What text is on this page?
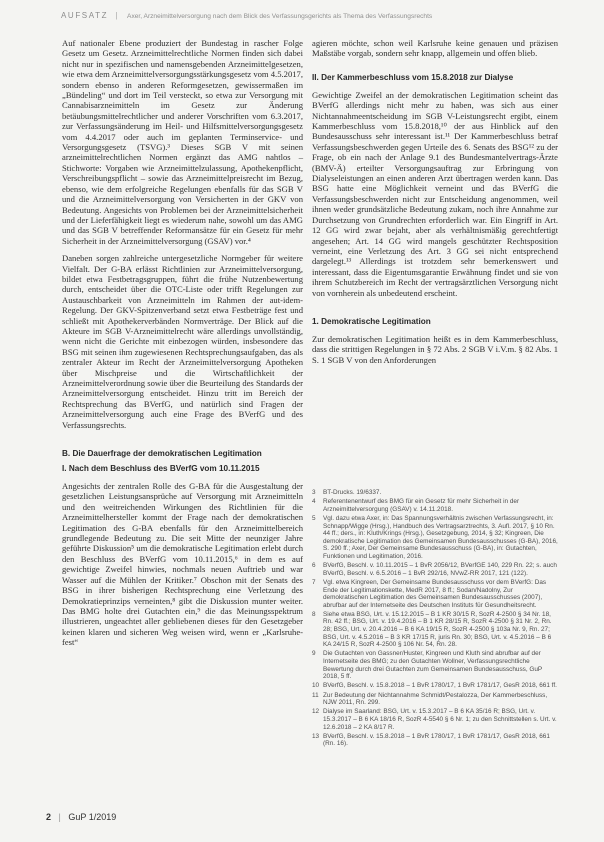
AUFSATZ | Axer, Arzneimittelversorgung nach dem Blick des Verfassungsgerichts als Thema des Verfassungsrechts

Auf nationaler Ebene produziert der Bundestag in rascher Folge Gesetz um Gesetz. Arzneimittelrechtliche Normen finden sich dabei nicht nur in spezifischen und namensgebenden Arzneimittelgesetzen, wie etwa dem Arzneimittelversorgungsstärkungsgesetz vom 4.5.2017, sondern ebenso in anderen Reformgesetzen, gewissermaßen im „Bündeling“ und dort im Teil versteckt, so etwa zur Versorgung mit Cannabisarzneimitteln im Gesetz zur Änderung betäubungsmittelrechtlicher und anderer Vorschriften vom 6.3.2017, zur Verfassungsänderung im Heil- und Hilfsmittelversorgungsgesetz vom 4.4.2017 oder auch im geplanten Terminservice- und Versorgungsgesetz (TSVG).³ Dieses SGB V mit seinen arzneimittelrechtlichen Normen ergänzt das AMG nahtlos – Stichworte: Vorgaben wie Arzneimittelzulassung, Apothekenpflicht, Verschreibungspflicht – sowie das Arzneimittelpreisrecht im Bezug, ebenso, wie dem erfolgreiche Regelungen ebenfalls für das SGB V und die Arzneimittelversorgung von Versicherten in der GKV von Bedeutung. Angesichts von Problemen bei der Arzneimittelsicherheit und der Lieferfähigkeit liegt es wiederum nahe, sowohl um das AMG und das SGB V betreffender Reformansätze für ein Gesetz für mehr Sicherheit in der Arzneimittelversorgung (GSAV) vor.⁴

Daneben sorgen zahlreiche untergesetzliche Normgeber für weitere Vielfalt. Der G-BA erlässt Richtlinien zur Arzneimittelversorgung, bildet etwa Festbetragsgruppen, führt die frühe Nutzenbewertung durch, entscheidet über die OTC-Liste oder trifft Regelungen zur Austauschbarkeit von Arzneimitteln im Rahmen der aut-idem-Regelung. Der GKV-Spitzenverband setzt etwa Festbeträge fest und schließt mit Apothekerverbänden Normverträge. Der Blick auf die Akteure im SGB V-Arzneimittelrecht wäre allerdings unvollständig, wenn nicht die Gerichte mit einbezogen würden, insbesondere das BSG mit seinen ihm zugewiesenen Rechtsprechungsaufgaben, das als zentraler Akteur im Recht der Arzneimittelversorgung Apotheken über Mischpreise und die Wirtschaftlichkeit der Arzneimittelverordnung sowie über die Beurteilung des Standards der Arzneimittelversorgung entscheidet. Hinzu tritt im Bereich der Rechtsprechung das BVerfG, und natürlich sind Fragen der Arzneimittelversorgung auch eine Frage des BVerfG und des Verfassungsrechts.

B. Die Dauerfrage der demokratischen Legitimation
I. Nach dem Beschluss des BVerfG vom 10.11.2015

Angesichts der zentralen Rolle des G-BA für die Ausgestaltung der gesetzlichen Leistungsansprüche auf Versorgung mit Arzneimitteln und den weitreichenden Wirkungen des Richtlinien für die Arzneimittelhersteller kommt der Frage nach der demokratischen Legitimation des G-BA ebenfalls für den Arzneimittelbereich grundlegende Bedeutung zu. Die seit Mitte der neunziger Jahre geführte Diskussion⁵ um die demokratische Legitimation erlebt durch den Beschluss des BVerfG vom 10.11.2015,⁶ in dem es auf gewichtige Zweifel hinwies, nochmals neuen Auftrieb und war Wasser auf die Mühlen der Kritiker.⁷ Obschon mit der Senats des BSG in ihrer bisherigen Rechtsprechung eine Verletzung des Demokratieprinzips verneinten,⁸ gibt die Diskussion munter weiter. Das BMG holte drei Gutachten ein,⁹ die das Meinungsspektrum illustrieren, ungeachtet aller gebliebenen dieses für den Gesetzgeber keinen klaren und sicheren Weg weisen wird, wenn er „Karlsruhe-fest“

agieren möchte, schon weil Karlsruhe keine genauen und präzisen Maßstäbe vorgab, sondern sehr knapp, allgemein und offen blieb.

II. Der Kammerbeschluss vom 15.8.2018 zur Dialyse

Gewichtige Zweifel an der demokratischen Legitimation scheint das BVerfG allerdings nicht mehr zu haben, was sich aus einer Nichtannahmeentscheidung im SGB V-Leistungsrecht ergibt, einem Kammerbeschluss vom 15.8.2018,¹⁰ der aus Hinblick auf den Bundesausschuss sehr interessant ist.¹¹ Der Kammerbeschluss betraf Verfassungsbeschwerden gegen Urteile des 6. Senats des BSG¹² zu der Frage, ob ein nach der Anlage 9.1 des Bundesmantelvertrags-Ärzte (BMV-Ä) erteilter Versorgungsauftrag zur Erbringung von Dialyseleistungen an einen anderen Arzt übertragen werden kann. Das BSG hatte eine Möglichkeit verneint und das BVerfG die Verfassungsbeschwerden nicht zur Entscheidung angenommen, weil ihnen weder grundsätzliche Bedeutung zukam, noch ihre Annahme zur Durchsetzung von Grundrechten erforderlich war. Ein Eingriff in Art. 12 GG wird zwar bejaht, aber als verhältnismäßig gerechtfertigt angesehen; Art. 14 GG wird mangels geschützter Rechtsposition verneint, eine Verletzung des Art. 3 GG sei nicht entsprechend dargelegt.¹³ Allerdings ist trotzdem sehr bemerkenswert und interessant, dass die Eigentumsgarantie Erwähnung findet und sie von ihrem Schutzbereich im Recht der vertragsärztlichen Versorgung nicht von vornherein als unbedeutend erscheint.

1. Demokratische Legitimation

Zur demokratischen Legitimation heißt es in dem Kammerbeschluss, dass die strittigen Regelungen in § 72 Abs. 2 SGB V i.V.m. § 82 Abs. 1 S. 1 SGB V von den Anforderungen

3	BT-Drucks. 19/6337.
4	Referentenentwurf des BMG für ein Gesetz für mehr Sicherheit in der Arzneimittelversorgung (GSAV) v. 14.11.2018.
5	Vgl. dazu etwa Axer, in: Das Spannungsverhältnis zwischen Verfassungsrecht, in: Schnapp/Wigge (Hrsg.), Handbuch des Vertragsarztrechts, 3. Aufl. 2017, § 10 Rn. 44 ff.; ders., in: Kluth/Krings (Hrsg.), Gesetzgebung, 2014, § 32; Kingreen, Die demokratische Legitimation des Gemeinsamen Bundesausschusses (G-BA), 2016, S. 290 ff.; Axer, Der Gemeinsame Bundesausschuss (G-BA), in: Gutachten, Funktionen und Legitimation, 2016.
6	BVerfG, Beschl. v. 10.11.2015 – 1 BvR 2056/12, BVerfGE 140, 229 Rn. 22; s. auch BVerfG, Beschl. v. 6.5.2016 – 1 BvR 292/16, NVwZ-RR 2017, 121 (122).
7	Vgl. etwa Kingreen, Der Gemeinsame Bundesausschuss vor dem BVerfG: Das Ende der Legitimationskette, MedR 2017, 8 ff.; Sodan/Nadolny, Zur demokratischen Legitimation des Gemeinsamen Bundesausschusses (2007), abrufbar auf der Internetseite des Deutschen Instituts für Gesundheitsrecht.
8	Siehe etwa BSG, Urt. v. 15.12.2015 – B 1 KR 30/15 R, SozR 4-2500 § 34 Nr. 18, Rn. 42 ff.; BSG, Urt. v. 19.4.2016 – B 1 KR 28/15 R, SozR 4-2500 § 31 Nr. 2, Rn. 28; BSG, Urt. v. 20.4.2016 – B 6 KA 19/15 R, SozR 4-2500 § 103a Nr. 9, Rn. 27; BSG, Urt. v. 4.5.2016 – B 3 KR 17/15 R, juris Rn. 30; BSG, Urt. v. 4.5.2016 – B 6 KA 24/15 R, SozR 4-2500 § 106 Nr. 54, Rn. 28.
9	Die Gutachten von Gassner/Huster, Kingreen und Kluth sind abrufbar auf der Internetseite des BMG; zu den Gutachten Wollner, Verfassungsrechtliche Bewertung durch drei Gutachten zum Gemeinsamen Bundesausschuss, GuP 2018, 5 ff.
10 BVerfG, Beschl. v. 15.8.2018 – 1 BvR 1780/17, 1 BvR 1781/17, GesR 2018, 661 ff.
11 Zur Bedeutung der Nichtannahme Schmidt/Pestalozza, Der Kammerbeschluss, NJW 2011, Rn. 299.
12 Dialyse im Saarland: BSG, Urt. v. 15.3.2017 – B 6 KA 35/16 R; BSG, Urt. v. 15.3.2017 – B 6 KA 18/16 R, SozR 4-5540 § 6 Nr. 1; zu den Schnittstellen s. Urt. v. 12.6.2018 – 2 KA 8/17 R.
13 BVerfG, Beschl. v. 15.8.2018 – 1 BvR 1780/17, 1 BvR 1781/17, GesR 2018, 661 (Rn. 16).
2 | GuP 1/2019
